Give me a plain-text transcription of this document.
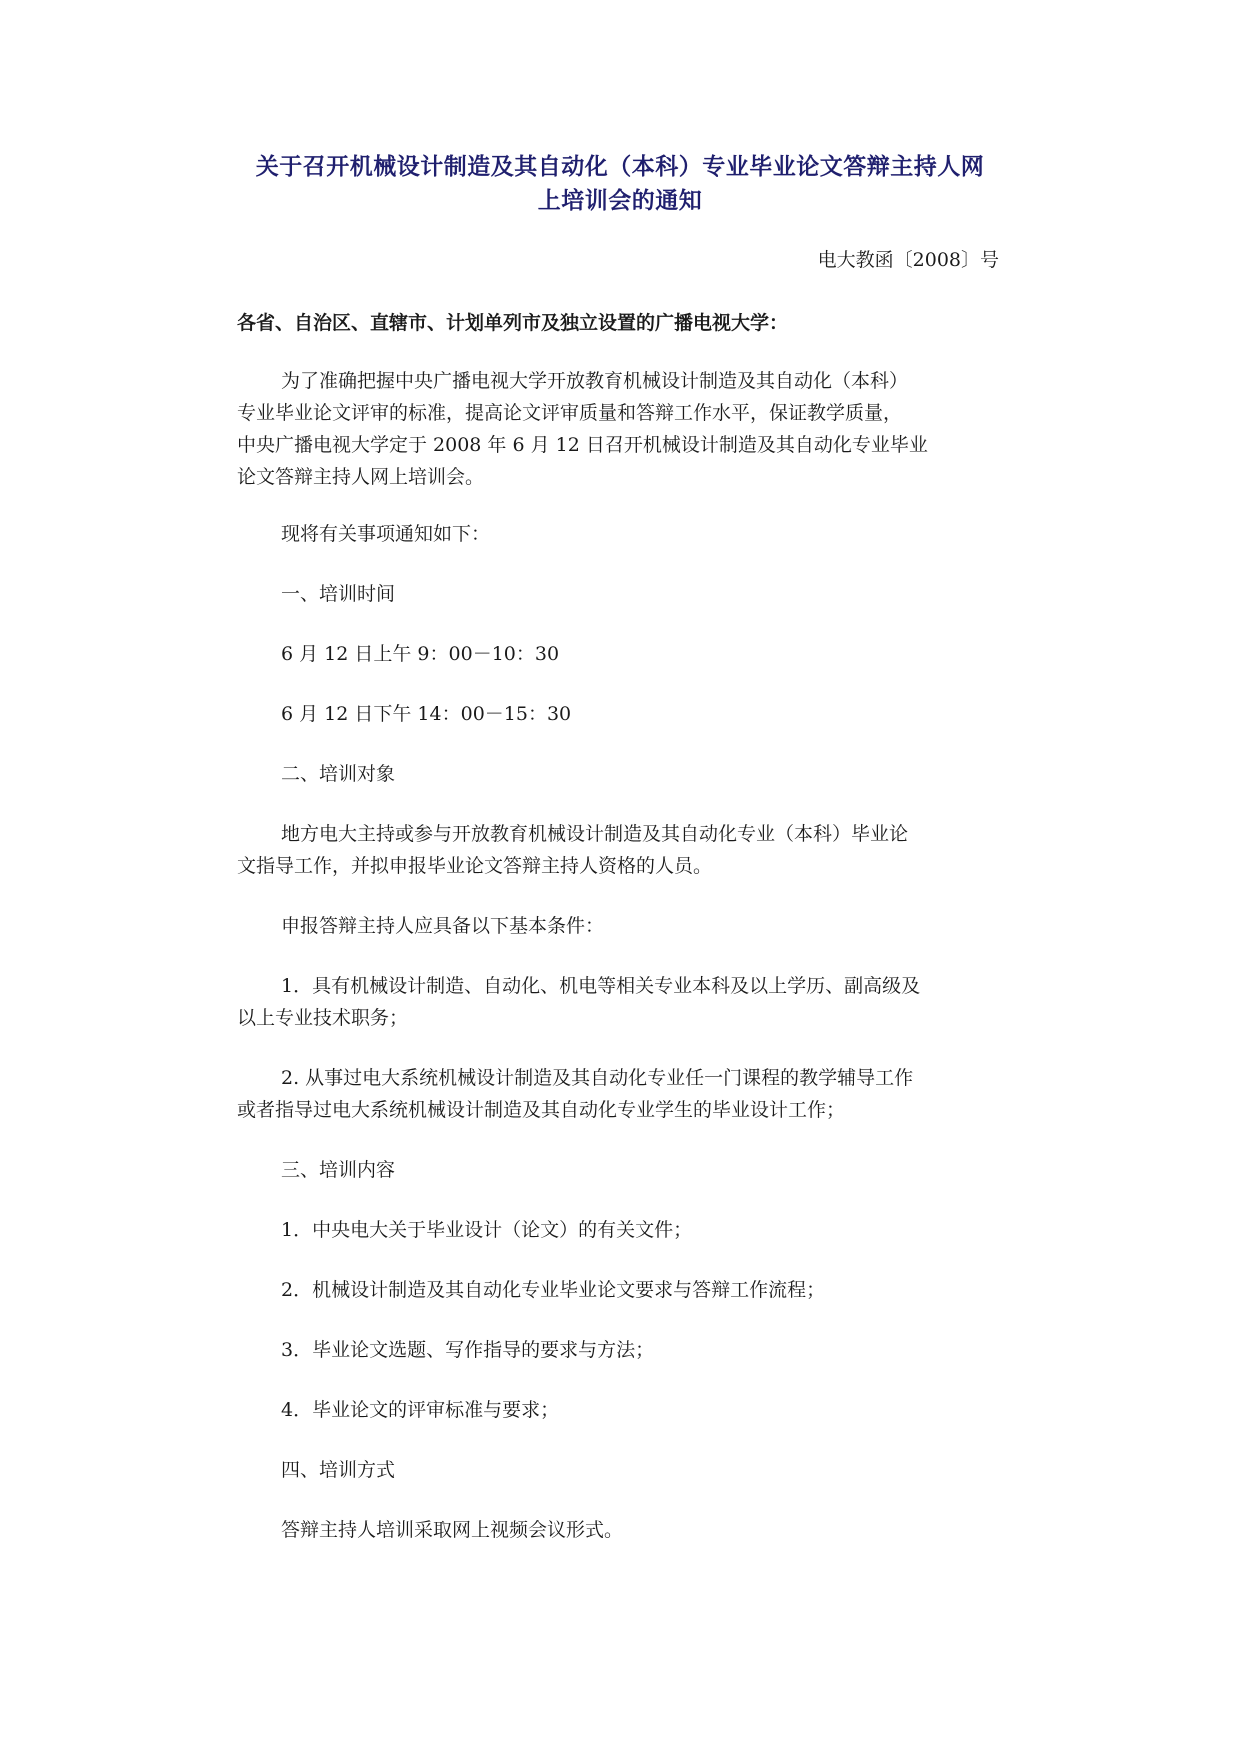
关于召开机械设计制造及其自动化（本科）专业毕业论文答辩主持人网
上培训会的通知
电大教函〔2008〕号
各省、自治区、直辖市、计划单列市及独立设置的广播电视大学：
为了准确把握中央广播电视大学开放教育机械设计制造及其自动化（本科）
专业毕业论文评审的标准，提高论文评审质量和答辩工作水平，保证教学质量，
中央广播电视大学定于 2008 年 6 月 12 日召开机械设计制造及其自动化专业毕业
论文答辩主持人网上培训会。
现将有关事项通知如下：
一、培训时间
6 月 12 日上午 9：00－10：30
6 月 12 日下午 14：00－15：30
二、培训对象
地方电大主持或参与开放教育机械设计制造及其自动化专业（本科）毕业论
文指导工作，并拟申报毕业论文答辩主持人资格的人员。
申报答辩主持人应具备以下基本条件：
1．具有机械设计制造、自动化、机电等相关专业本科及以上学历、副高级及
以上专业技术职务；
2. 从事过电大系统机械设计制造及其自动化专业任一门课程的教学辅导工作
或者指导过电大系统机械设计制造及其自动化专业学生的毕业设计工作；
三、培训内容
1．中央电大关于毕业设计（论文）的有关文件；
2．机械设计制造及其自动化专业毕业论文要求与答辩工作流程；
3．毕业论文选题、写作指导的要求与方法；
4．毕业论文的评审标准与要求；
四、培训方式
答辩主持人培训采取网上视频会议形式。
